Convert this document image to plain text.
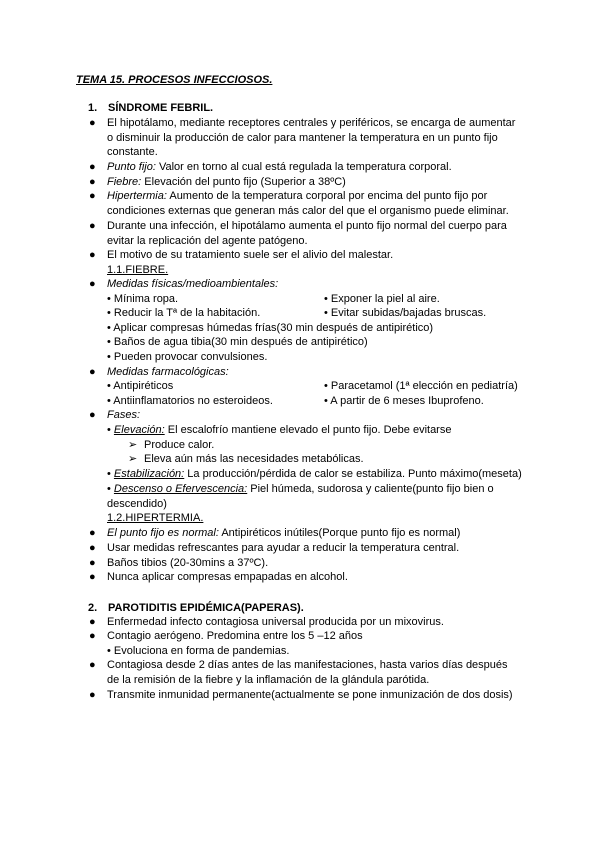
TEMA 15. PROCESOS INFECCIOSOS.
1. SÍNDROME FEBRIL.
● El hipotálamo, mediante receptores centrales y periféricos, se encarga de aumentar o disminuir la producción de calor para mantener la temperatura en un punto fijo constante.
● Punto fijo: Valor en torno al cual está regulada la temperatura corporal.
● Fiebre: Elevación del punto fijo (Superior a 38ºC)
● Hipertermia: Aumento de la temperatura corporal por encima del punto fijo por condiciones externas que generan más calor del que el organismo puede eliminar.
● Durante una infección, el hipotálamo aumenta el punto fijo normal del cuerpo para evitar la replicación del agente patógeno.
● El motivo de su tratamiento suele ser el alivio del malestar.
1.1.FIEBRE.
● Medidas físicas/medioambientales:
• Mínima ropa.	• Exponer la piel al aire.
• Reducir la Tª de la habitación.	• Evitar subidas/bajadas bruscas.
• Aplicar compresas húmedas frías(30 min después de antipirético)
• Baños de agua tibia(30 min después de antipirético)
• Pueden provocar convulsiones.
● Medidas farmacológicas:
• Antipiréticos	• Paracetamol (1ª elección en pediatría)
• Antiinflamatorios no esteroideos.	• A partir de 6 meses Ibuprofeno.
● Fases:
• Elevación: El escalofrío mantiene elevado el punto fijo. Debe evitarse
➢ Produce calor.
➢ Eleva aún más las necesidades metabólicas.
• Estabilización: La producción/pérdida de calor se estabiliza. Punto máximo(meseta)
• Descenso o Efervescencia: Piel húmeda, sudorosa y caliente(punto fijo bien o
descendido)
1.2.HIPERTERMIA.
● El punto fijo es normal: Antipiréticos inútiles(Porque punto fijo es normal)
● Usar medidas refrescantes para ayudar a reducir la temperatura central.
● Baños tibios (20-30mins a 37ºC).
● Nunca aplicar compresas empapadas en alcohol.
2. PAROTIDITIS EPIDÉMICA(PAPERAS).
● Enfermedad infecto contagiosa universal producida por un mixovirus.
● Contagio aerógeno. Predomina entre los 5 –12 años
• Evoluciona en forma de pandemias.
● Contagiosa desde 2 días antes de las manifestaciones, hasta varios días después de la remisión de la fiebre y la inflamación de la glándula parótida.
● Transmite inmunidad permanente(actualmente se pone inmunización de dos dosis)
